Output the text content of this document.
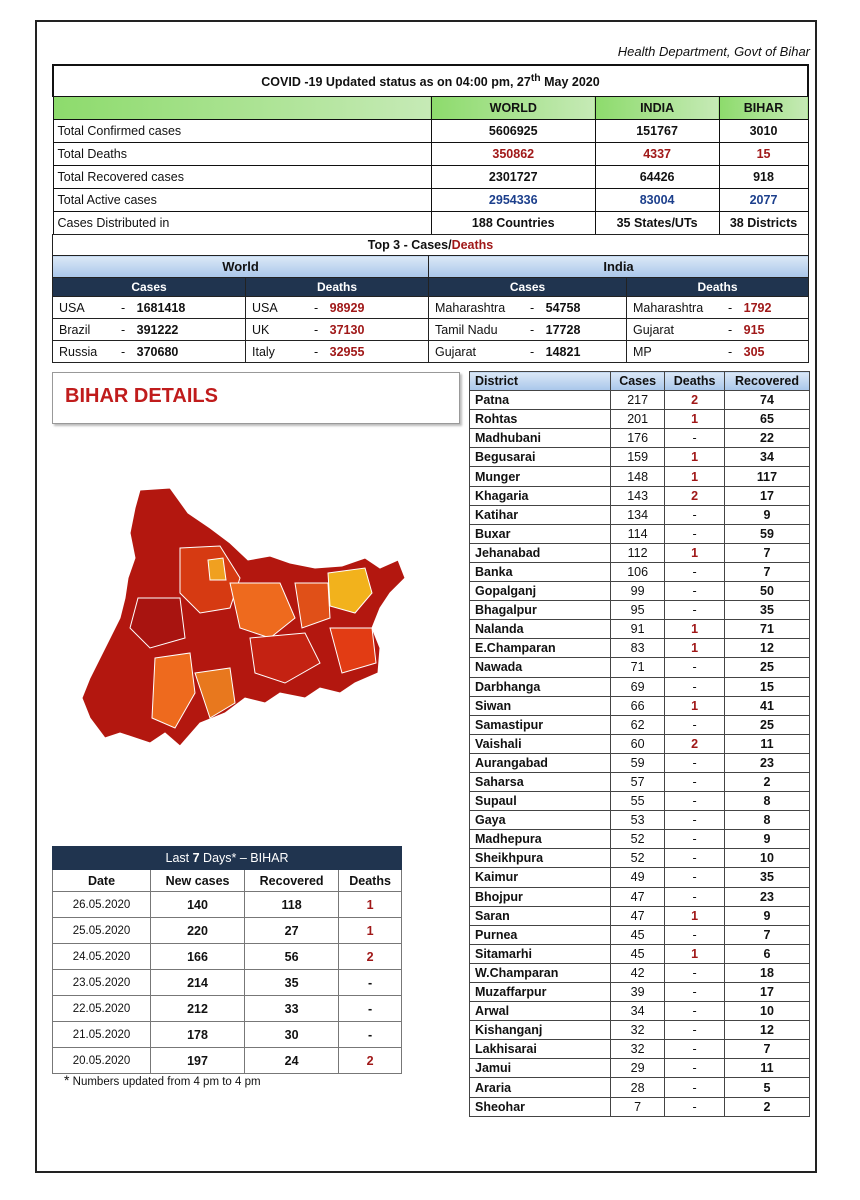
Health Department, Govt of Bihar
COVID -19 Updated status as on 04:00 pm, 27th May 2020			
	WORLD	INDIA	BIHAR
Total Confirmed cases	5606925	151767	3010
Total Deaths	350862	4337	15
Total Recovered cases	2301727	64426	918
Total Active cases	2954336	83004	2077
Cases Distributed in	188 Countries	35 States/UTs	38 Districts
Top 3 - Cases/Deaths			
World		India	
Cases	Deaths	Cases	Deaths
USA - 1681418	USA - 98929	Maharashtra - 54758	Maharashtra - 1792
Brazil - 391222	UK - 37130	Tamil Nadu - 17728	Gujarat - 915
Russia - 370680	Italy - 32955	Gujarat - 14821	MP - 305
BIHAR DETAILS
District	Cases	Deaths	Recovered
Patna	217	2	74
Rohtas	201	1	65
Madhubani	176	-	22
Begusarai	159	1	34
Munger	148	1	117
Khagaria	143	2	17
Katihar	134	-	9
Buxar	114	-	59
Jehanabad	112	1	7
Banka	106	-	7
Gopalganj	99	-	50
Bhagalpur	95	-	35
Nalanda	91	1	71
E.Champaran	83	1	12
Nawada	71	-	25
Darbhanga	69	-	15
Siwan	66	1	41
Samastipur	62	-	25
Vaishali	60	2	11
Aurangabad	59	-	23
Saharsa	57	-	2
Supaul	55	-	8
Gaya	53	-	8
Madhepura	52	-	9
Sheikhpura	52	-	10
Kaimur	49	-	35
Bhojpur	47	-	23
Saran	47	1	9
Purnea	45	-	7
Sitamarhi	45	1	6
W.Champaran	42	-	18
Muzaffarpur	39	-	17
Arwal	34	-	10
Kishanganj	32	-	12
Lakhisarai	32	-	7
Jamui	29	-	11
Araria	28	-	5
Sheohar	7	-	2
Last 7 Days* – BIHAR			
Date	New cases	Recovered	Deaths
26.05.2020	140	118	1
25.05.2020	220	27	1
24.05.2020	166	56	2
23.05.2020	214	35	-
22.05.2020	212	33	-
21.05.2020	178	30	-
20.05.2020	197	24	2
* Numbers updated from 4 pm to 4 pm
